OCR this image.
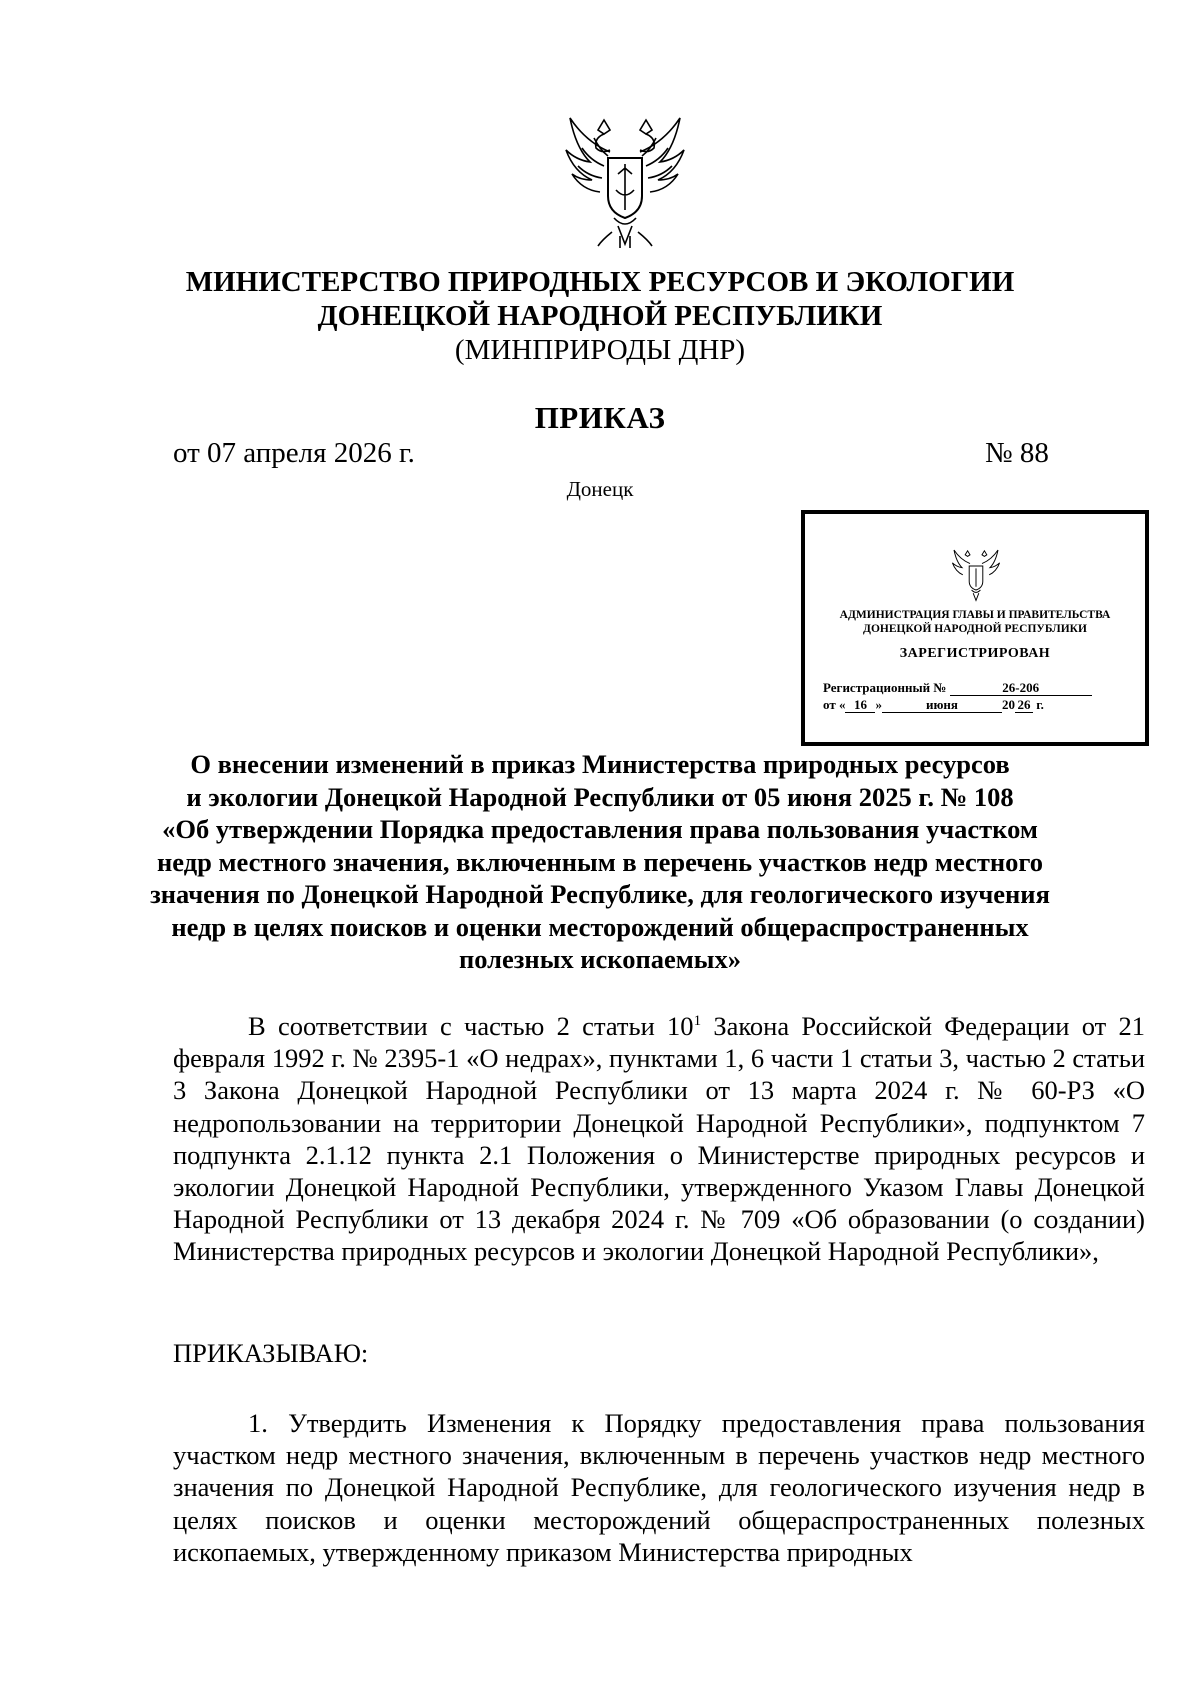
МИНИСТЕРСТВО ПРИРОДНЫХ РЕСУРСОВ И ЭКОЛОГИИ
ДОНЕЦКОЙ НАРОДНОЙ РЕСПУБЛИКИ
(МИНПРИРОДЫ ДНР)
ПРИКАЗ
от 07 апреля 2026 г.	№ 88
Донецк
АДМИНИСТРАЦИЯ ГЛАВЫ И ПРАВИТЕЛЬСТВА
ДОНЕЦКОЙ НАРОДНОЙ РЕСПУБЛИКИ
ЗАРЕГИСТРИРОВАН
Регистрационный №	26-206
от « 16 »	июня	20 26 г.
О внесении изменений в приказ Министерства природных ресурсов
и экологии Донецкой Народной Республики от 05 июня 2025 г. № 108
«Об утверждении Порядка предоставления права пользования участком
недр местного значения, включенным в перечень участков недр местного
значения по Донецкой Народной Республике, для геологического изучения
недр в целях поисков и оценки месторождений общераспространенных
полезных ископаемых»
В соответствии с частью 2 статьи $10^1$ Закона Российской Федерации от 21 февраля 1992 г. № 2395-1 «О недрах», пунктами 1, 6 части 1 статьи 3, частью 2 статьи 3 Закона Донецкой Народной Республики от 13 марта 2024 г. № 60-РЗ «О недропользовании на территории Донецкой Народной Республики», подпунктом 7 подпункта 2.1.12 пункта 2.1 Положения о Министерстве природных ресурсов и экологии Донецкой Народной Республики, утвержденного Указом Главы Донецкой Народной Республики от 13 декабря 2024 г. № 709 «Об образовании (о создании) Министерства природных ресурсов и экологии Донецкой Народной Республики»,
ПРИКАЗЫВАЮ:
1. Утвердить Изменения к Порядку предоставления права пользования участком недр местного значения, включенным в перечень участков недр местного значения по Донецкой Народной Республике, для геологического изучения недр в целях поисков и оценки месторождений общераспространенных полезных ископаемых, утвержденному приказом Министерства природных
